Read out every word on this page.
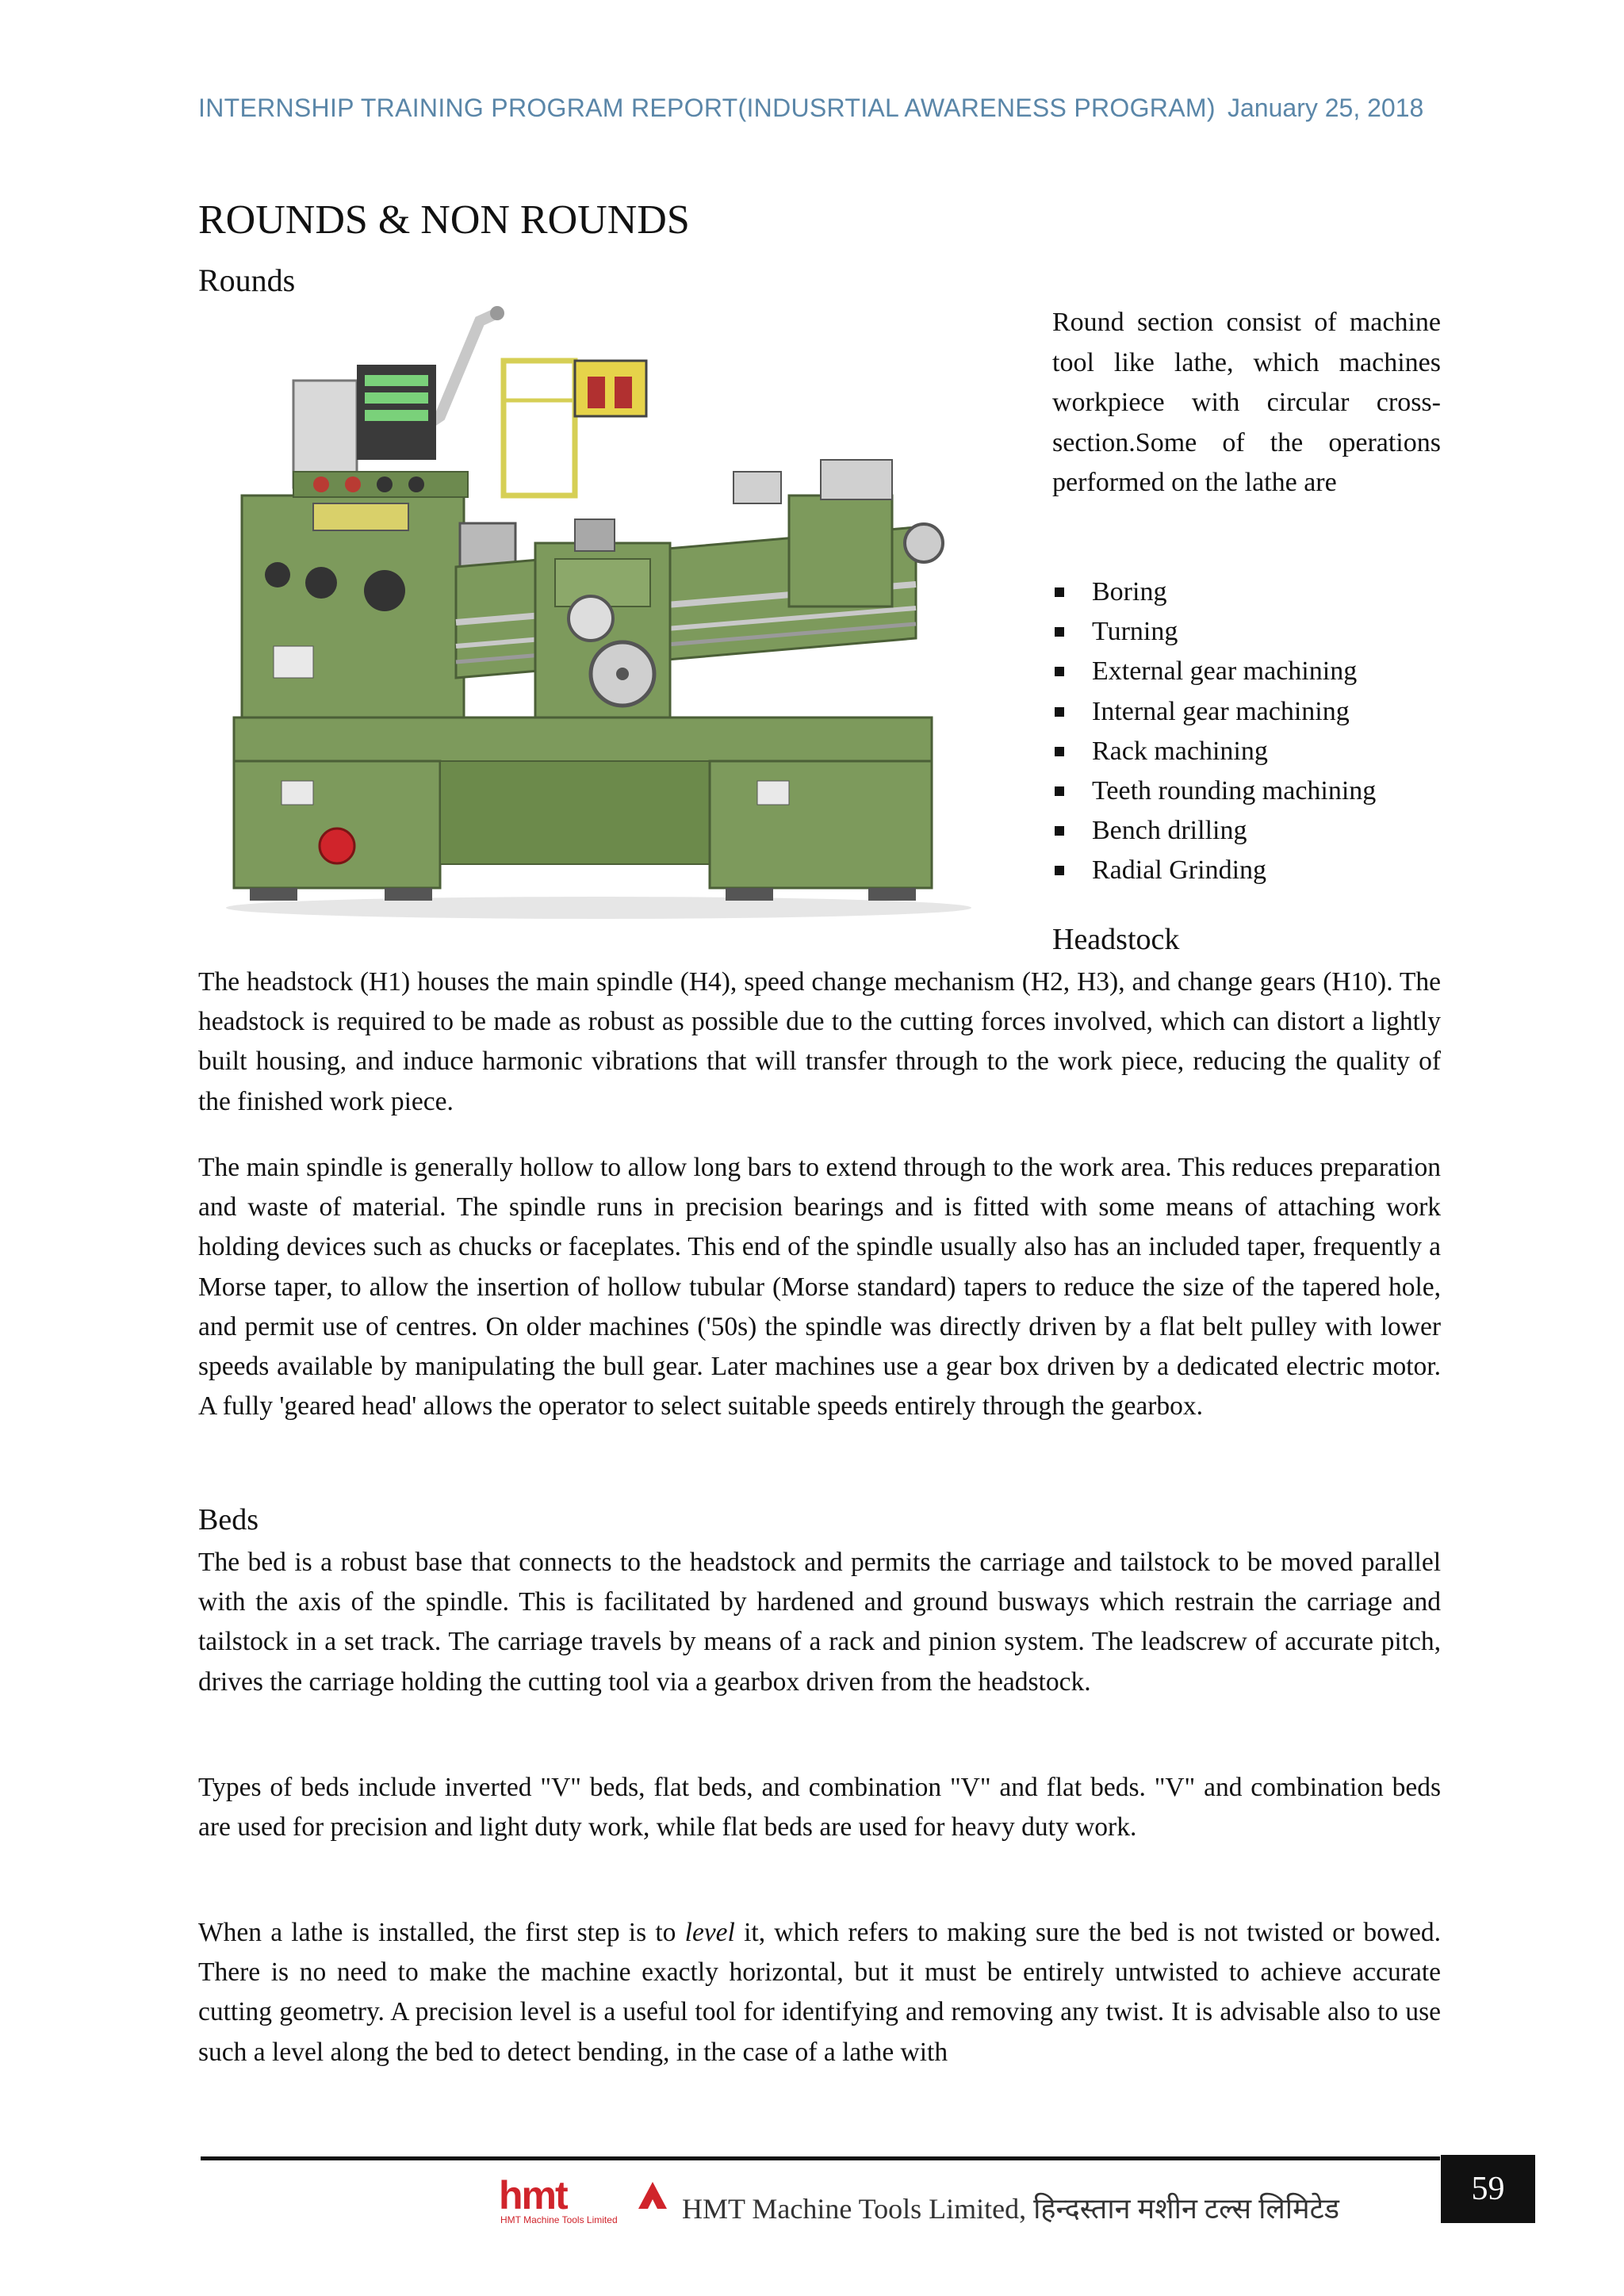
INTERNSHIP TRAINING PROGRAM REPORT(INDUSRTIAL AWARENESS PROGRAM) January 25, 2018
ROUNDS & NON ROUNDS
Rounds
Round section consist of machine tool like lathe, which machines workpiece with circular cross-section.Some of the operations performed on the lathe are
Boring
Turning
External gear machining
Internal gear machining
Rack machining
Teeth rounding machining
Bench drilling
Radial Grinding
Headstock

The headstock (H1) houses the main spindle (H4), speed change mechanism (H2, H3), and change gears (H10). The headstock is required to be made as robust as possible due to the cutting forces involved, which can distort a lightly built housing, and induce harmonic vibrations that will transfer through to the work piece, reducing the quality of the finished work piece.

The main spindle is generally hollow to allow long bars to extend through to the work area. This reduces preparation and waste of material. The spindle runs in precision bearings and is fitted with some means of attaching work holding devices such as chucks or faceplates. This end of the spindle usually also has an included taper, frequently a Morse taper, to allow the insertion of hollow tubular (Morse standard) tapers to reduce the size of the tapered hole, and permit use of centres. On older machines ('50s) the spindle was directly driven by a flat belt pulley with lower speeds available by manipulating the bull gear. Later machines use a gear box driven by a dedicated electric motor. A fully 'geared head' allows the operator to select suitable speeds entirely through the gearbox.

Beds

The bed is a robust base that connects to the headstock and permits the carriage and tailstock to be moved parallel with the axis of the spindle. This is facilitated by hardened and ground busways which restrain the carriage and tailstock in a set track. The carriage travels by means of a rack and pinion system. The leadscrew of accurate pitch, drives the carriage holding the cutting tool via a gearbox driven from the headstock.

Types of beds include inverted "V" beds, flat beds, and combination "V" and flat beds. "V" and combination beds are used for precision and light duty work, while flat beds are used for heavy duty work.

When a lathe is installed, the first step is to level it, which refers to making sure the bed is not twisted or bowed. There is no need to make the machine exactly horizontal, but it must be entirely untwisted to achieve accurate cutting geometry. A precision level is a useful tool for identifying and removing any twist. It is advisable also to use such a level along the bed to detect bending, in the case of a lathe with

hmt
HMT Machine Tools Limited HMT Machine Tools Limited, हिन्दस्तान मशीन टल्स लिमिटेड
59
